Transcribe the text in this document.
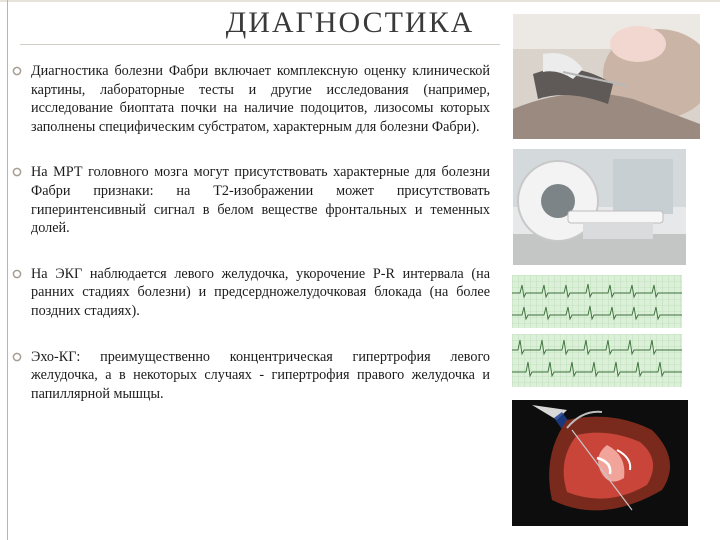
ДИАГНОСТИКА
Диагностика болезни Фабри включает комплексную оценку клинической картины, лабораторные тесты и другие исследования (например, исследование биоптата почки на наличие подоцитов, лизосомы которых заполнены специфическим субстратом, характерным для болезни Фабри).
На МРТ головного мозга могут присутствовать характерные для болезни Фабри признаки: на Т2-изображении может присутствовать гиперинтенсивный сигнал в белом веществе фронтальных и теменных долей.
На ЭКГ наблюдается левого желудочка, укорочение P-R интервала (на ранних стадиях болезни) и предсердножелудочковая блокада (на более поздних стадиях).
Эхо-КГ: преимущественно концентрическая гипертрофия левого желудочка, а в некоторых случаях - гипертрофия правого желудочка и папиллярной мышцы.
